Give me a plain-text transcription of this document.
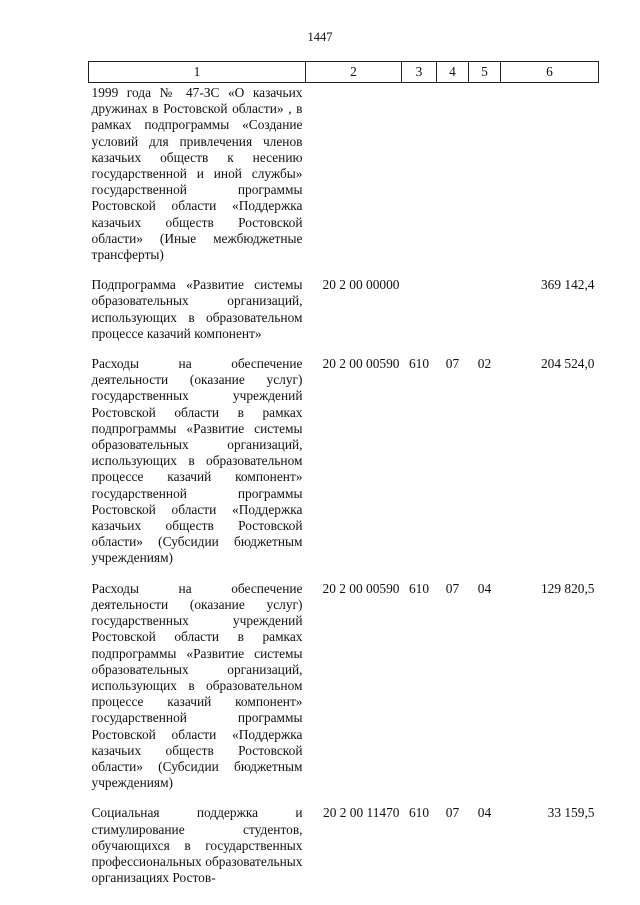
1447
1	2	3	4	5	6
1999 года № 47-ЗС «О казачьих дружинах в Ростовской области» , в рамках подпрограммы «Создание условий для привлечения членов казачьих обществ к несению государственной и иной службы» государственной программы Ростовской области «Поддержка казачьих обществ Ростовской области» (Иные межбюджетные трансферты)					
Подпрограмма «Развитие системы образовательных организаций, использующих в образовательном процессе казачий компонент»	20 2 00 00000				369 142,4
Расходы на обеспечение деятельности (оказание услуг) государственных учреждений Ростовской области в рамках подпрограммы «Развитие системы образовательных организаций, использующих в образовательном процессе казачий компонент» государственной программы Ростовской области «Поддержка казачьих обществ Ростовской области» (Субсидии бюджетным учреждениям)	20 2 00 00590	610	07	02	204 524,0
Расходы на обеспечение деятельности (оказание услуг) государственных учреждений Ростовской области в рамках подпрограммы «Развитие системы образовательных организаций, использующих в образовательном процессе казачий компонент» государственной программы Ростовской области «Поддержка казачьих обществ Ростовской области» (Субсидии бюджетным учреждениям)	20 2 00 00590	610	07	04	129 820,5
Социальная поддержка и стимулирование студентов, обучающихся в государственных профессиональных образовательных организациях Ростов-	20 2 00 11470	610	07	04	33 159,5
